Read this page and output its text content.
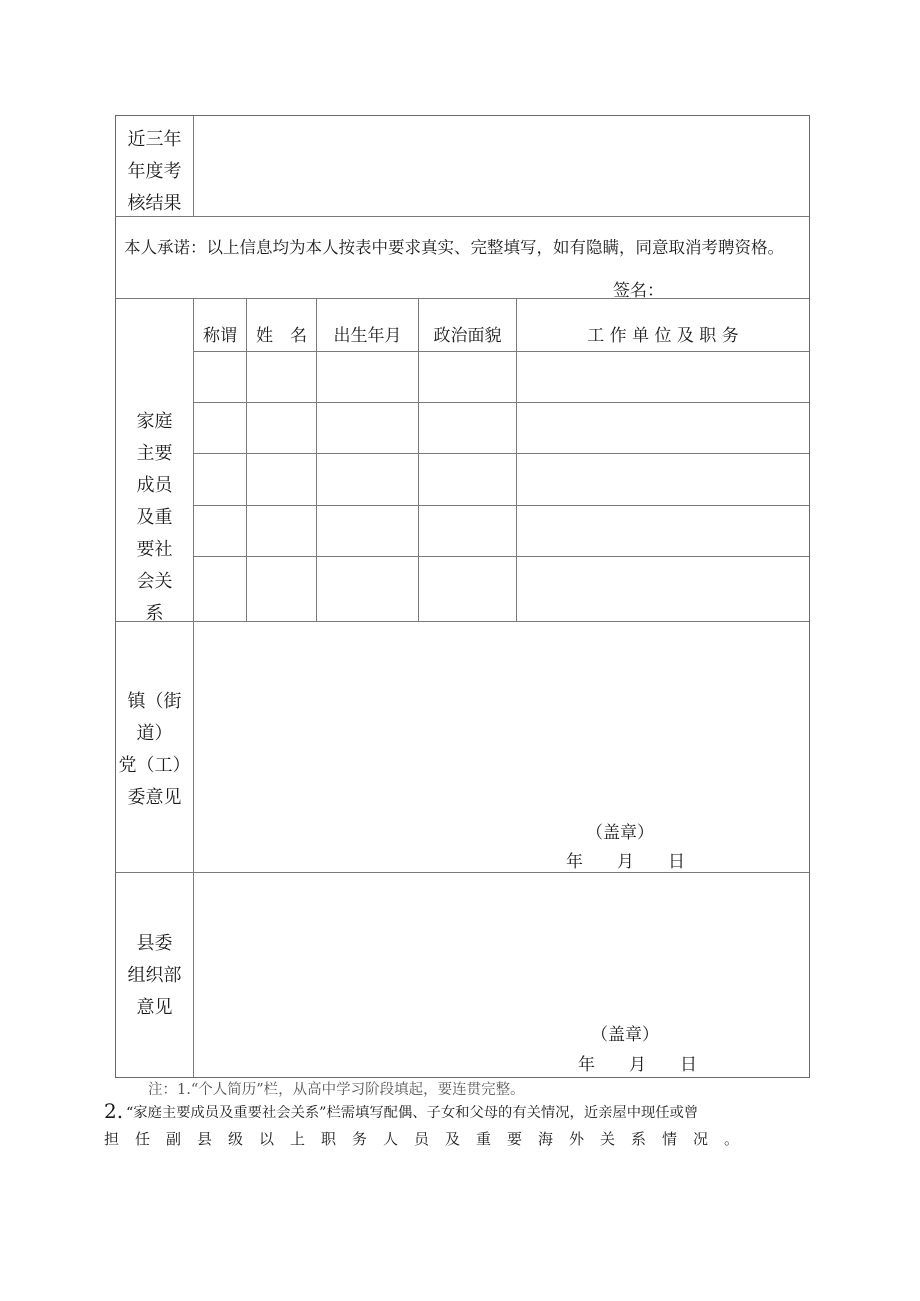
近三年
年度考
核结果
本人承诺：以上信息均为本人按表中要求真实、完整填写，如有隐瞒，同意取消考聘资格。
签名：
家庭
主要
成员
及重
要社
会关
系
称谓	姓　名	出生年月	政治面貌	工 作 单 位 及 职 务
镇（街
道）
党（工）
委意见
（盖章）
年　　月　　日
县委
组织部
意见
（盖章）
年　　月　　日
注：1.“个人简历”栏，从高中学习阶段填起，要连贯完整。
2. “家庭主要成员及重要社会关系”栏需填写配偶、子女和父母的有关情况，近亲屋中现任或曾
担任副县级以上职务人员及重要海外关系情况。
